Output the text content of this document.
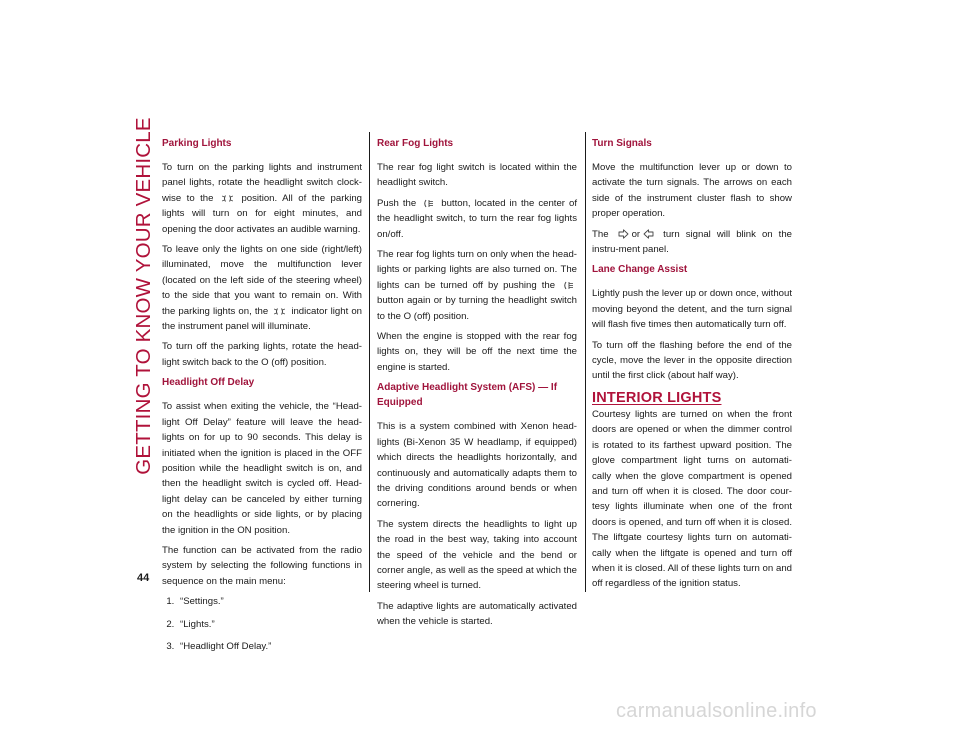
GETTING TO KNOW YOUR VEHICLE
44
Parking Lights

To turn on the parking lights and instrument panel lights, rotate the headlight switch clock-wise to the	position. All of the parking lights will turn on for eight minutes, and opening the door activates an audible warning.

To leave only the lights on one side (right/left) illuminated, move the multifunction lever (located on the left side of the steering wheel) to the side that you want to remain on. With the parking lights on, the indicator light on the instrument panel will illuminate.

To turn off the parking lights, rotate the head-light switch back to the O (off) position.

Headlight Off Delay

To assist when exiting the vehicle, the “Head-light Off Delay” feature will leave the head-lights on for up to 90 seconds. This delay is initiated when the ignition is placed in the OFF position while the headlight switch is on, and then the headlight switch is cycled off. Head-light delay can be canceled by either turning on the headlights or side lights, or by placing the ignition in the ON position.

The function can be activated from the radio system by selecting the following functions in sequence on the main menu:

1. “Settings.”
2. “Lights.”
3. “Headlight Off Delay.”
Rear Fog Lights

The rear fog light switch is located within the headlight switch.

Push the	button, located in the center of the headlight switch, to turn the rear fog lights on/off.

The rear fog lights turn on only when the head-lights or parking lights are also turned on. The lights can be turned off by pushing the  button again or by turning the headlight switch to the O (off) position.

When the engine is stopped with the rear fog lights on, they will be off the next time the engine is started.

Adaptive Headlight System (AFS) — If Equipped

This is a system combined with Xenon head-lights (Bi-Xenon 35 W headlamp, if equipped) which directs the headlights horizontally, and continuously and automatically adapts them to the driving conditions around bends or when cornering.

The system directs the headlights to light up the road in the best way, taking into account the speed of the vehicle and the bend or corner angle, as well as the speed at which the steering wheel is turned.

The adaptive lights are automatically activated when the vehicle is started.

Turn Signals

Move the multifunction lever up or down to activate the turn signals. The arrows on each side of the instrument cluster flash to show proper operation.

The or turn signal will blink on the instru-ment panel.

Lane Change Assist

Lightly push the lever up or down once, without moving beyond the detent, and the turn signal will flash five times then automatically turn off.

To turn off the flashing before the end of the cycle, move the lever in the opposite direction until the first click (about half way).

INTERIOR LIGHTS

Courtesy lights are turned on when the front doors are opened or when the dimmer control is rotated to its farthest upward position. The glove compartment light turns on automati-cally when the glove compartment is opened and turn off when it is closed. The door cour-tesy lights illuminate when one of the front doors is opened, and turn off when it is closed. The liftgate courtesy lights turn on automati-cally when the liftgate is opened and turn off when it is closed. All of these lights turn on and off regardless of the ignition status.

carmanualsonline.info
